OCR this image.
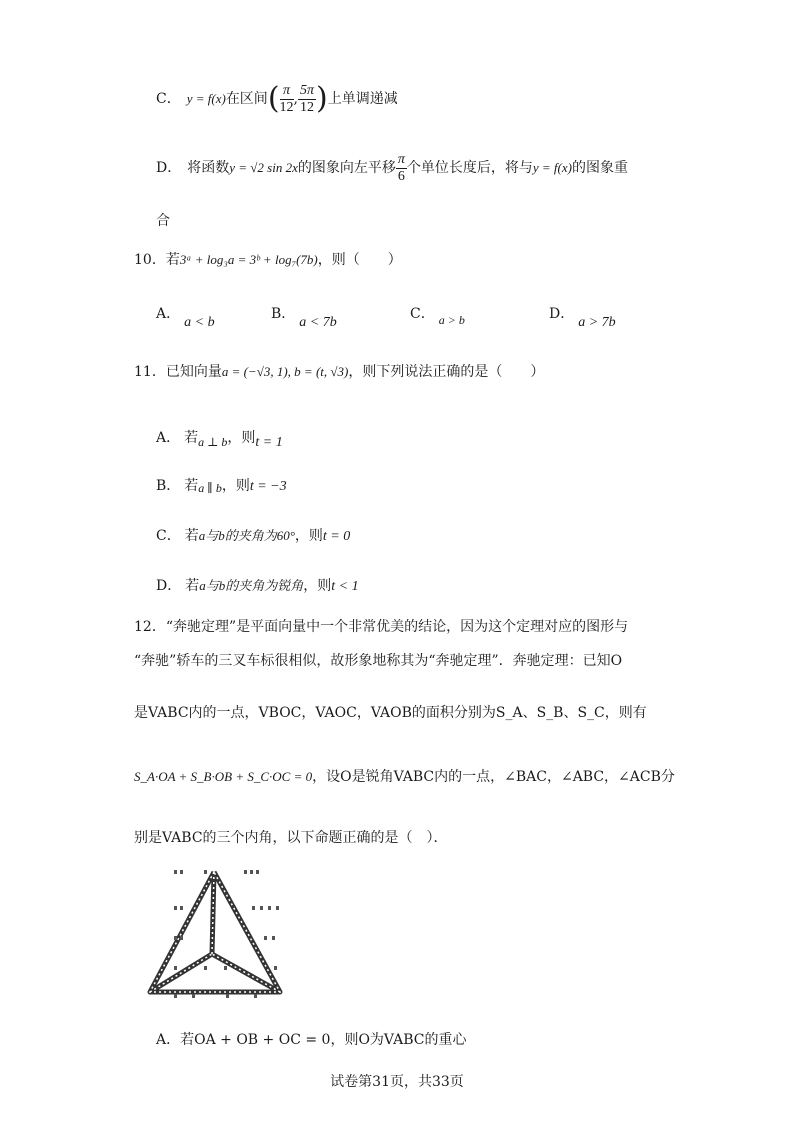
C． y = f(x)在区间( $\frac{\pi}{12}$ , $\frac{5\pi}{12}$ )上单调递减
D． 将函数y = √2 sin 2x的图象向左平移 $\frac{\pi}{6}$ 个单位长度后，将与y = f(x)的图象重
合
10．若3ᵃ + log₃a = 3ᵇ + log₇(7b)，则（　　）
A．a < b
B．a < 7b
C． a > b	D．a > 7b
11．已知向量a = (−√3, 1), b = (t, √3)，则下列说法正确的是（　　）
A． 若a ⊥ b，则t = 1
B． 若a ∥ b，则t = −3
C． 若a与b的夹角为60°，则t = 0
D． 若a与b的夹角为锐角，则t < 1
12．“奔驰定理”是平面向量中一个非常优美的结论，因为这个定理对应的图形与
“奔驰”轿车的三叉车标很相似，故形象地称其为“奔驰定理”．奔驰定理：已知O
是VABC内的一点，VBOC，VAOC，VAOB的面积分别为S_A、S_B、S_C，则有
S_A·OA + S_B·OB + S_C·OC = 0，设O是锐角VABC内的一点，∠BAC，∠ABC，∠ACB分
别是VABC的三个内角，以下命题正确的是（　）．
A．若OA + OB + OC = 0，则O为VABC的重心
试卷第31页，共33页
